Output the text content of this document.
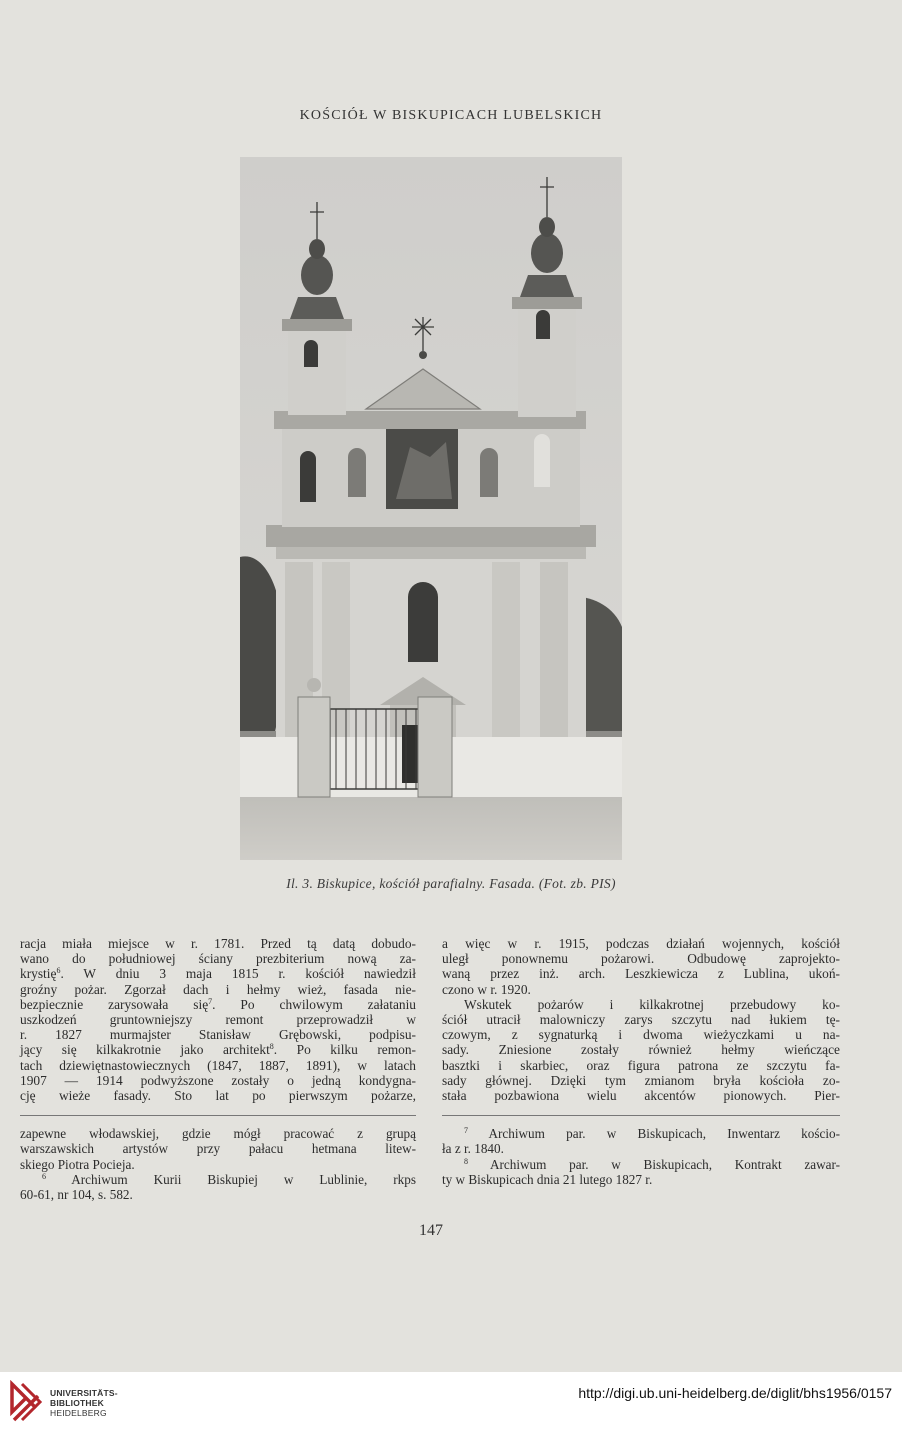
KOŚCIÓŁ W BISKUPICACH LUBELSKICH
Il. 3. Biskupice, kościół parafialny. Fasada. (Fot. zb. PIS)

racja miała miejsce w r. 1781. Przed tą datą dobudo-

wano do południowej ściany prezbiterium nową za-

krystię$^6$. W dniu 3 maja 1815 r. kościół nawiedził

groźny pożar. Zgorzał dach i hełmy wież, fasada nie-

bezpiecznie zarysowała się$^7$. Po chwilowym załataniu

uszkodzeń gruntowniejszy remont przeprowadził w

r. 1827 murmajster Stanisław Grębowski, podpisu-

jący się kilkakrotnie jako architekt$^8$. Po kilku remon-

tach dziewiętnastowiecznych (1847, 1887, 1891), w latach

1907 — 1914 podwyższone zostały o jedną kondygna-

cję wieże fasady. Sto lat po pierwszym pożarze,

a więc w r. 1915, podczas działań wojennych, kościół

uległ ponownemu pożarowi. Odbudowę zaprojekto-

waną przez inż. arch. Leszkiewicza z Lublina, ukoń-

czono w r. 1920.

Wskutek pożarów i kilkakrotnej przebudowy ko-

ściół utracił malowniczy zarys szczytu nad łukiem tę-

czowym, z sygnaturką i dwoma wieżyczkami u na-

sady. Zniesione zostały również hełmy wieńczące

basztki i skarbiec, oraz figura patrona ze szczytu fa-

sady głównej. Dzięki tym zmianom bryła kościoła zo-

stała pozbawiona wielu akcentów pionowych. Pier-

zapewne włodawskiej, gdzie mógł pracować z grupą

warszawskich artystów przy pałacu hetmana litew-

skiego Piotra Pocieja.

$^6$ Archiwum Kurii Biskupiej w Lublinie, rkps

60-61, nr 104, s. 582.

$^7$ Archiwum par. w Biskupicach, Inwentarz kościo-

ła z r. 1840.

$^8$ Archiwum par. w Biskupicach, Kontrakt zawar-

ty w Biskupicach dnia 21 lutego 1827 r.

147
UNIVERSITÄTS-
BIBLIOTHEK
HEIDELBERG
http://digi.ub.uni-heidelberg.de/diglit/bhs1956/0157
